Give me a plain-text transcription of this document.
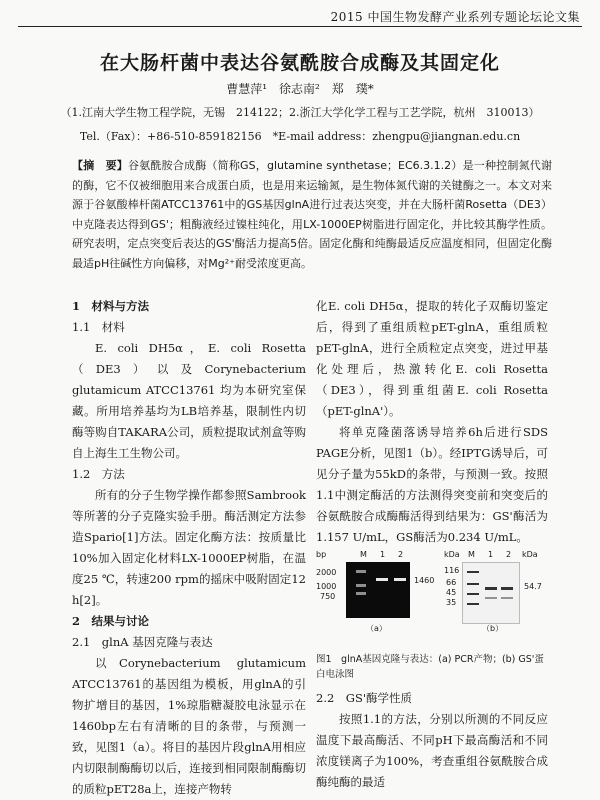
2015 中国生物发酵产业系列专题论坛论文集
在大肠杆菌中表达谷氨酰胺合成酶及其固定化
曹慧萍¹　徐志南²　郑　璞*
（1.江南大学生物工程学院，无锡　214122；2.浙江大学化学工程与工艺学院，杭州　310013）
Tel.（Fax）：+86-510-859182156　*E-mail address：zhengpu@jiangnan.edu.cn
【摘　要】谷氨酰胺合成酶（简称GS，glutamine synthetase；EC6.3.1.2）是一种控制氮代谢的酶，它不仅被细胞用来合成蛋白质，也是用来运输氮，是生物体氮代谢的关键酶之一。本文对来源于谷氨酸棒杆菌ATCC13761中的GS基因glnA进行过表达突变，并在大肠杆菌Rosetta（DE3）中克隆表达得到GS'；粗酶液经过镍柱纯化，用LX-1000EP树脂进行固定化，并比较其酶学性质。研究表明，定点突变后表达的GS'酶活力提高5倍。固定化酶和纯酶最适反应温度相同，但固定化酶最适pH往碱性方向偏移，对Mg²⁺耐受浓度更高。

1　材料与方法

1.1　材料

E. coli DH5α，E. coli Rosetta（DE3）以及Corynebacterium glutamicum ATCC13761 均为本研究室保藏。所用培养基均为LB培养基，限制性内切酶等购自TAKARA公司，质粒提取试剂盒等购自上海生工生物公司。

1.2　方法

所有的分子生物学操作都参照Sambrook等所著的分子克隆实验手册。酶活测定方法参造Spario[1]方法。固定化酶方法：按质量比10%加入固定化材料LX-1000EP树脂，在温度25 ℃，转速200 rpm的摇床中吸附固定12 h[2]。

2　结果与讨论

2.1　glnA 基因克隆与表达

以Corynebacterium glutamicum ATCC13761的基因组为模板，用glnA的引物扩增目的基因，1%琼脂糖凝胶电泳显示在1460bp左右有清晰的目的条带，与预测一致，见图1（a）。将目的基因片段glnA用相应内切限制酶酶切以后，连接到相同限制酶酶切的质粒pET28a上，连接产物转

化E. coli DH5α，提取的转化子双酶切鉴定后，得到了重组质粒pET-glnA，重组质粒pET-glnA，进行全质粒定点突变，进过甲基化处理后，热激转化E. coli Rosetta（DE3），得到重组菌E. coli Rosetta（pET-glnA'）。

将单克隆菌落诱导培养6h后进行SDS PAGE分析，见图1（b）。经IPTG诱导后，可见分子量为55kD的条带，与预测一致。按照1.1中测定酶活的方法测得突变前和突变后的谷氨酰胺合成酶酶活得到结果为：GS'酶活为1.157 U/mL，GS酶活为0.234 U/mL。

bp	M 1 2
2000
1000
750
1460
（a）
kDa M 1 2 kDa
116
66
45
35
54.7
（b）

图1　glnA基因克隆与表达：(a) PCR产物；(b) GS'蛋白电泳图

2.2　GS'酶学性质

按照1.1的方法，分别以所测的不同反应温度下最高酶活、不同pH下最高酶活和不同浓度镁离子为100%，考查重组谷氨酰胺合成酶纯酶的最适
